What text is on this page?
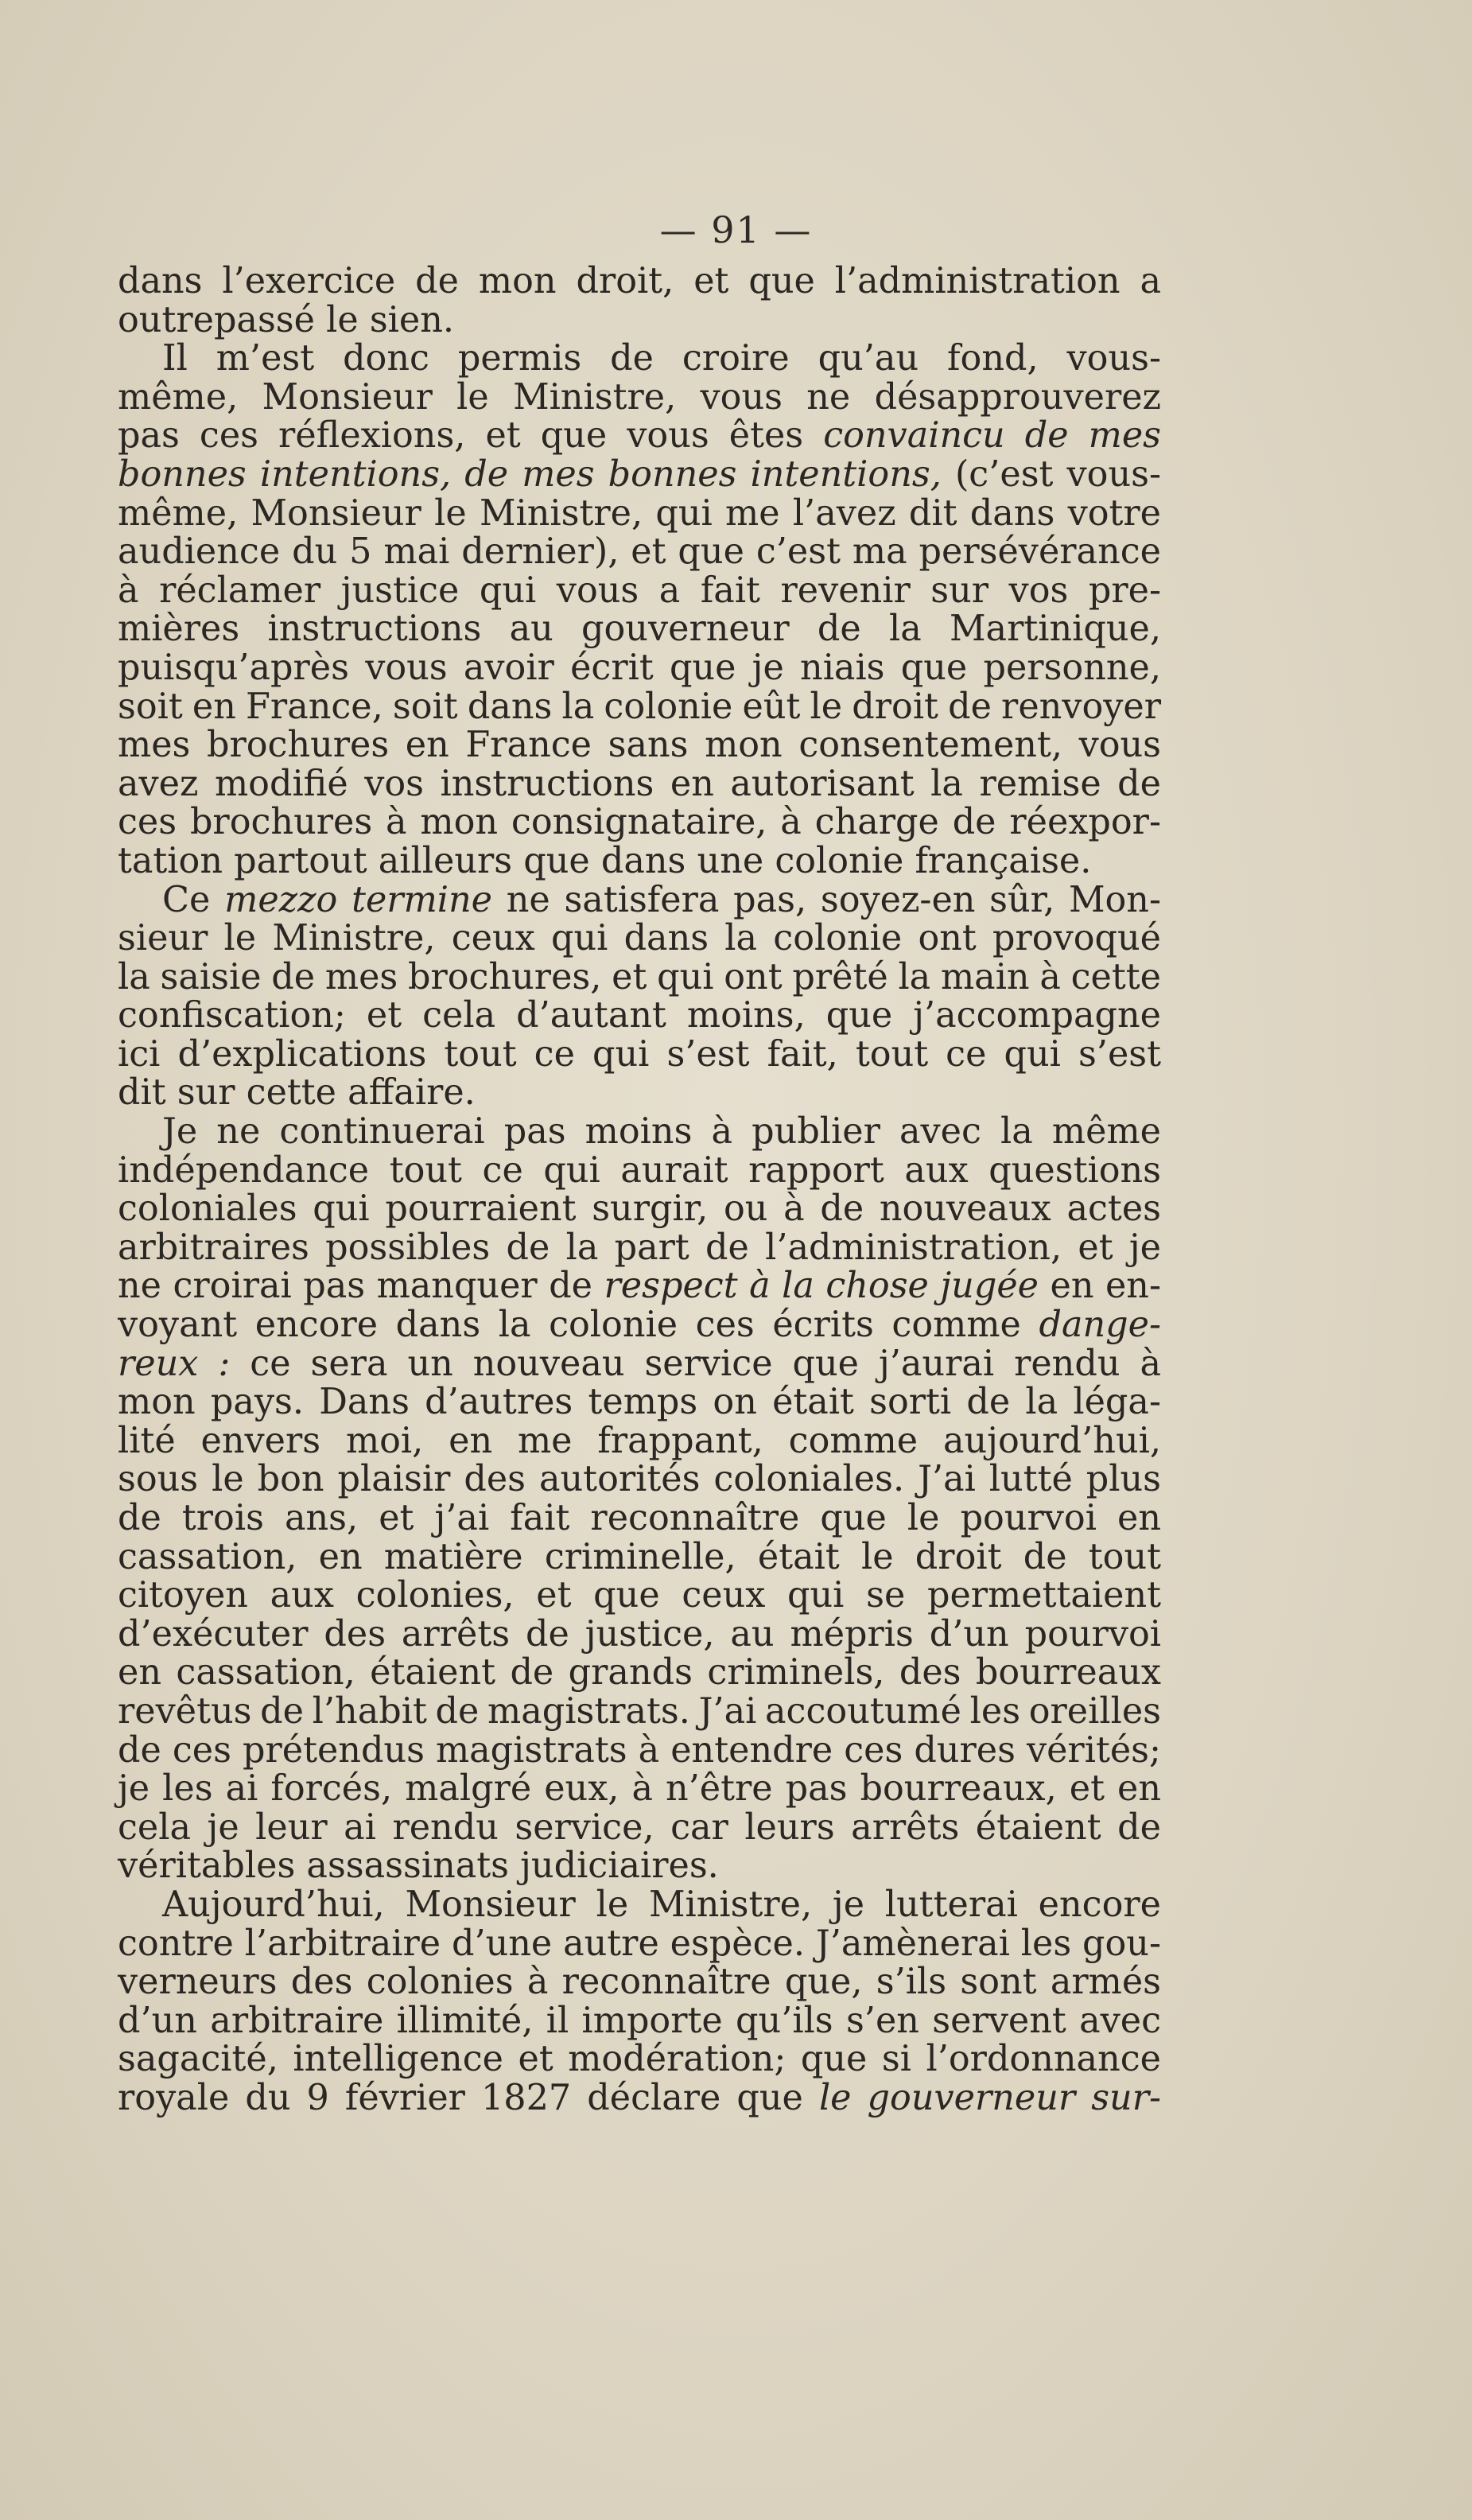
— 91 —
dans l’exercice de mon droit, et que l’administration a
outrepassé le sien.
Il m’est donc permis de croire qu’au fond, vous-
même, Monsieur le Ministre, vous ne désapprouverez
pas ces réflexions, et que vous êtes convaincu de mes
bonnes intentions, de mes bonnes intentions, (c’est vous-
même, Monsieur le Ministre, qui me l’avez dit dans votre
audience du 5 mai dernier), et que c’est ma persévérance
à réclamer justice qui vous a fait revenir sur vos pre-
mières instructions au gouverneur de la Martinique,
puisqu’après vous avoir écrit que je niais que personne,
soit en France, soit dans la colonie eût le droit de renvoyer
mes brochures en France sans mon consentement, vous
avez modifié vos instructions en autorisant la remise de
ces brochures à mon consignataire, à charge de réexpor-
tation partout ailleurs que dans une colonie française.
Ce mezzo termine ne satisfera pas, soyez-en sûr, Mon-
sieur le Ministre, ceux qui dans la colonie ont provoqué
la saisie de mes brochures, et qui ont prêté la main à cette
confiscation; et cela d’autant moins, que j’accompagne
ici d’explications tout ce qui s’est fait, tout ce qui s’est
dit sur cette affaire.
Je ne continuerai pas moins à publier avec la même
indépendance tout ce qui aurait rapport aux questions
coloniales qui pourraient surgir, ou à de nouveaux actes
arbitraires possibles de la part de l’administration, et je
ne croirai pas manquer de respect à la chose jugée en en-
voyant encore dans la colonie ces écrits comme dange-
reux : ce sera un nouveau service que j’aurai rendu à
mon pays. Dans d’autres temps on était sorti de la léga-
lité envers moi, en me frappant, comme aujourd’hui,
sous le bon plaisir des autorités coloniales. J’ai lutté plus
de trois ans, et j’ai fait reconnaître que le pourvoi en
cassation, en matière criminelle, était le droit de tout
citoyen aux colonies, et que ceux qui se permettaient
d’exécuter des arrêts de justice, au mépris d’un pourvoi
en cassation, étaient de grands criminels, des bourreaux
revêtus de l’habit de magistrats. J’ai accoutumé les oreilles
de ces prétendus magistrats à entendre ces dures vérités;
je les ai forcés, malgré eux, à n’être pas bourreaux, et en
cela je leur ai rendu service, car leurs arrêts étaient de
véritables assassinats judiciaires.
Aujourd’hui, Monsieur le Ministre, je lutterai encore
contre l’arbitraire d’une autre espèce. J’amènerai les gou-
verneurs des colonies à reconnaître que, s’ils sont armés
d’un arbitraire illimité, il importe qu’ils s’en servent avec
sagacité, intelligence et modération; que si l’ordonnance
royale du 9 février 1827 déclare que le gouverneur sur-
